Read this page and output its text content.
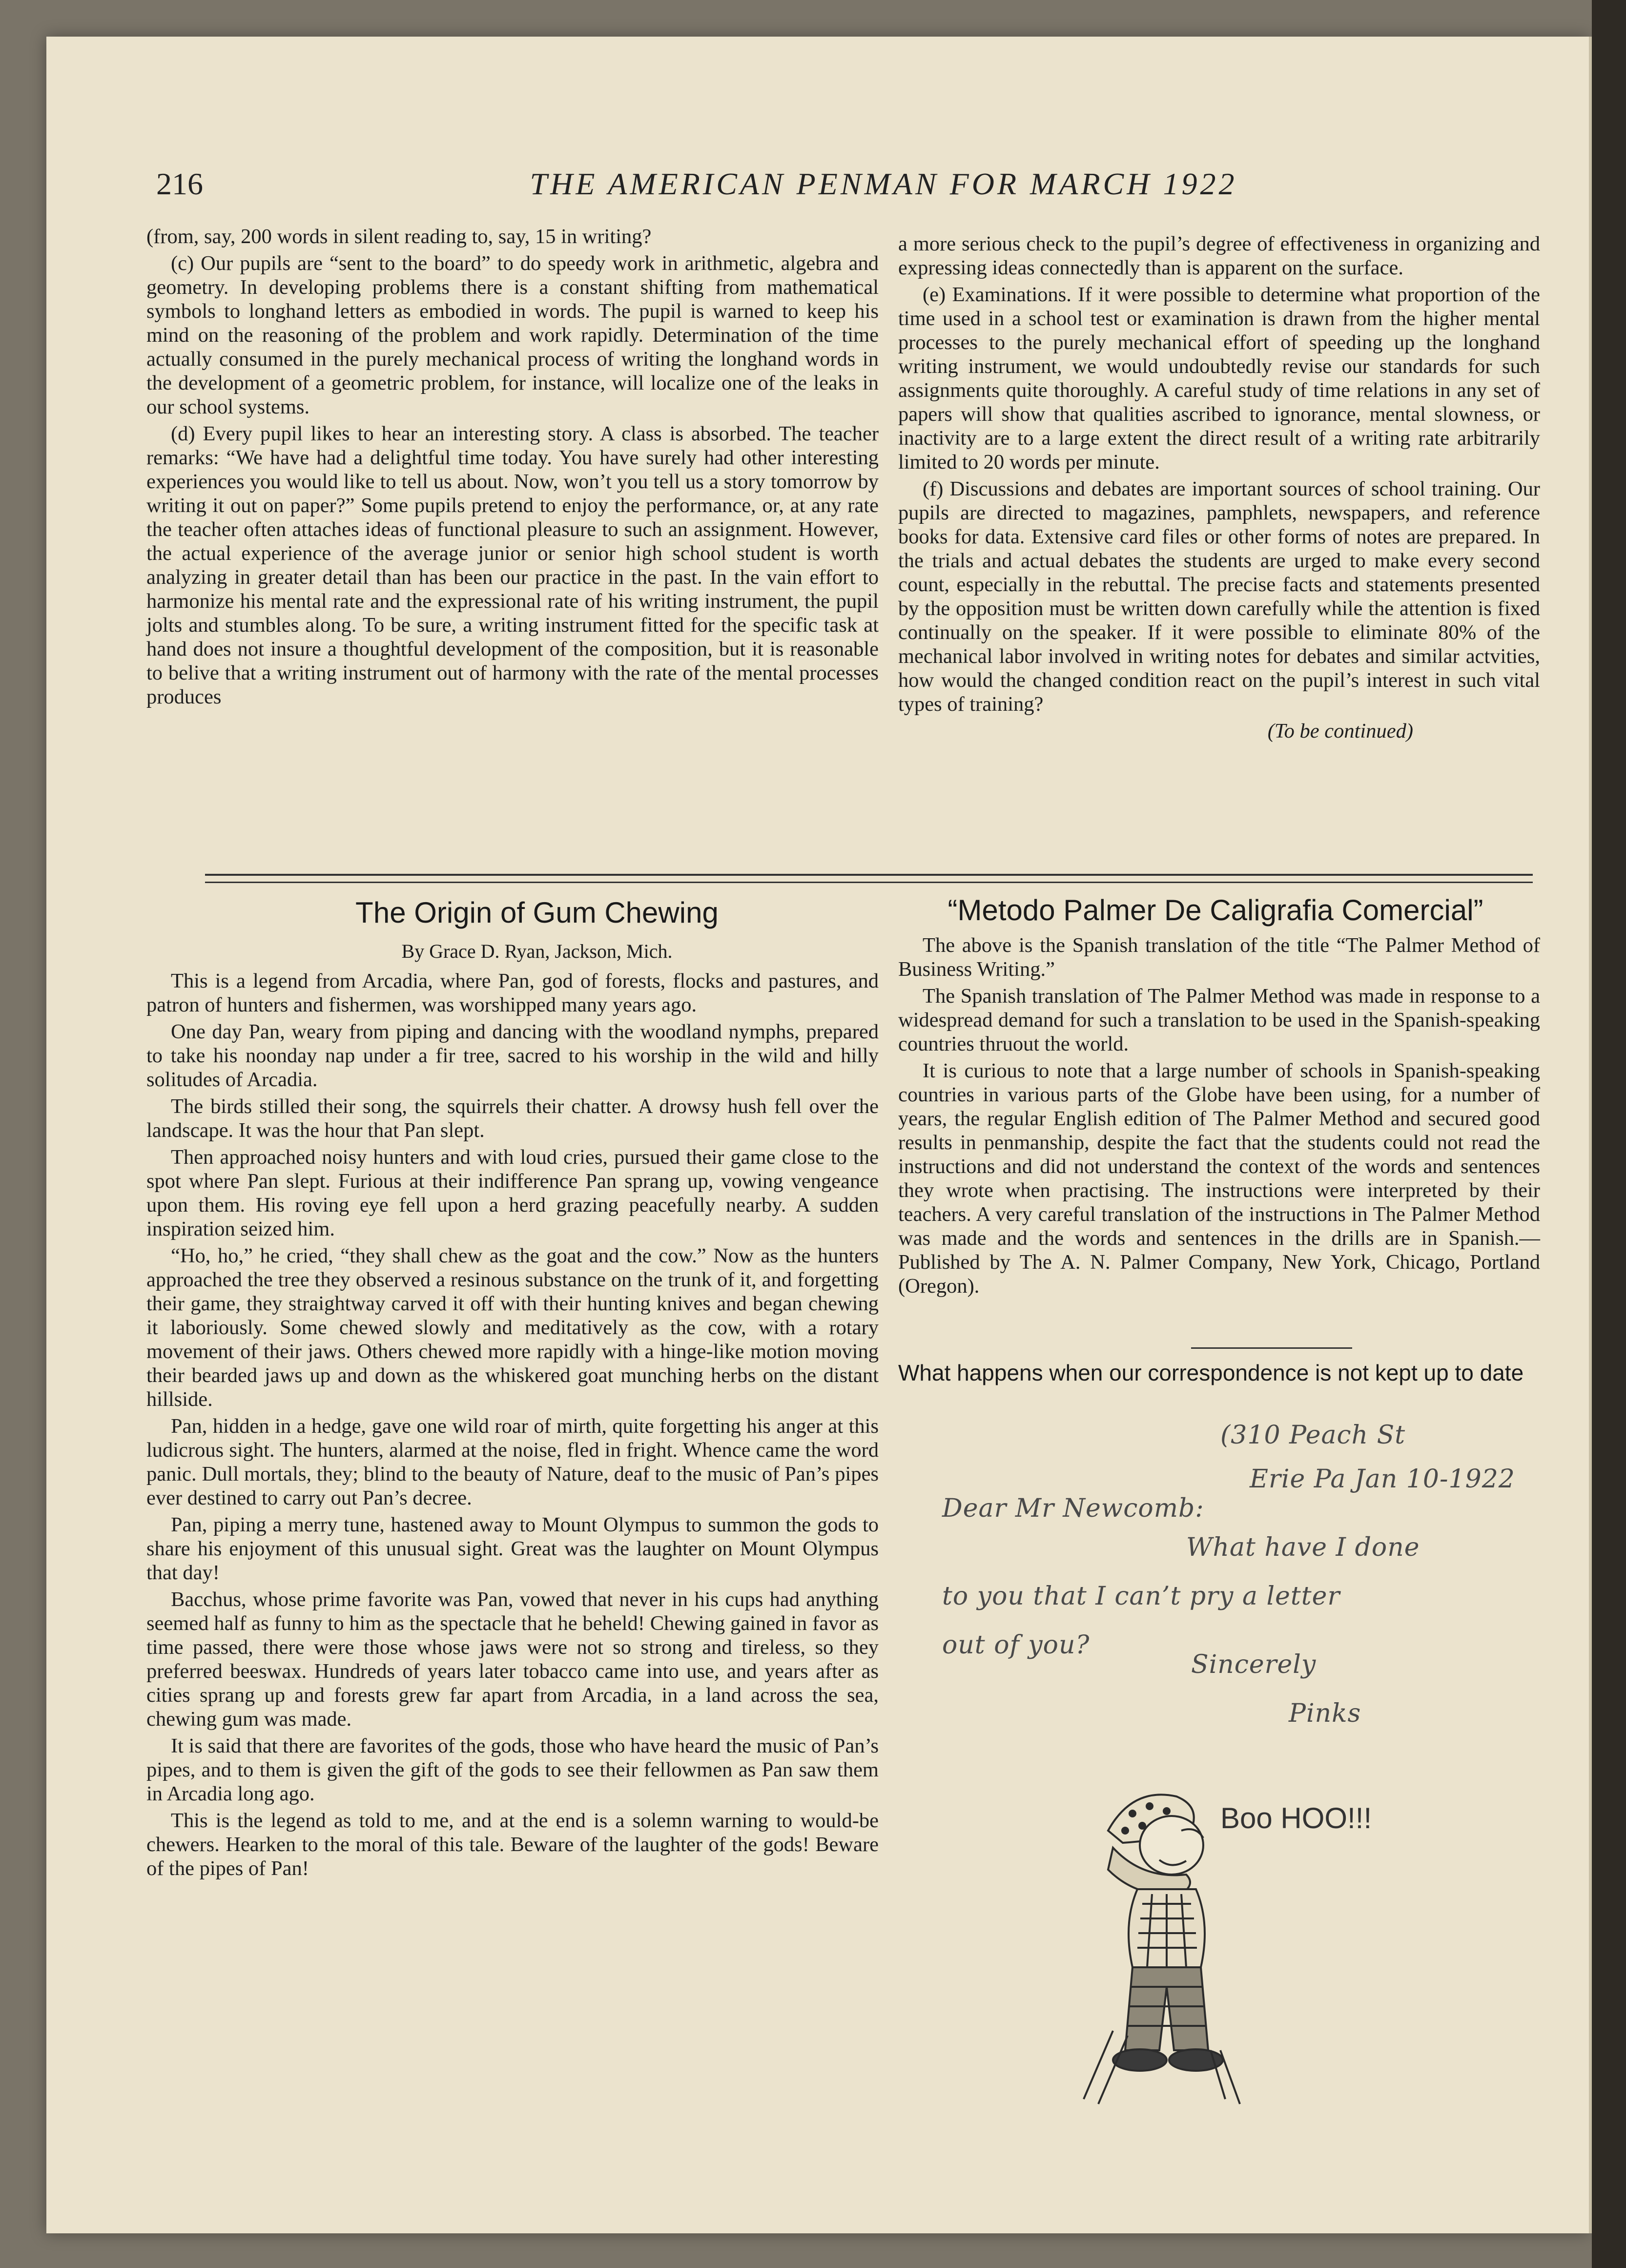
216	THE AMERICAN PENMAN FOR MARCH 1922

(from, say, 200 words in silent reading to, say, 15 in writing?

(c) Our pupils are “sent to the board” to do speedy work in arithmetic, algebra and geometry. In developing problems there is a constant shifting from mathematical symbols to longhand letters as embodied in words. The pupil is warned to keep his mind on the reasoning of the problem and work rapidly. Determination of the time actually consumed in the purely mechanical process of writing the longhand words in the development of a geometric problem, for instance, will localize one of the leaks in our school systems.

(d) Every pupil likes to hear an interesting story. A class is absorbed. The teacher remarks: “We have had a delightful time today. You have surely had other interesting experiences you would like to tell us about. Now, won’t you tell us a story tomorrow by writing it out on paper?” Some pupils pretend to enjoy the performance, or, at any rate the teacher often attaches ideas of functional pleasure to such an assignment. However, the actual experience of the average junior or senior high school student is worth analyzing in greater detail than has been our practice in the past. In the vain effort to harmonize his mental rate and the expressional rate of his writing instrument, the pupil jolts and stumbles along. To be sure, a writing instrument fitted for the specific task at hand does not insure a thoughtful development of the composition, but it is reasonable to belive that a writing instrument out of harmony with the rate of the mental processes produces

a more serious check to the pupil’s degree of effectiveness in organizing and expressing ideas connectedly than is apparent on the surface.

(e) Examinations. If it were possible to determine what proportion of the time used in a school test or examination is drawn from the higher mental processes to the purely mechanical effort of speeding up the longhand writing instrument, we would undoubtedly revise our standards for such assignments quite thoroughly. A careful study of time relations in any set of papers will show that qualities ascribed to ignorance, mental slowness, or inactivity are to a large extent the direct result of a writing rate arbitrarily limited to 20 words per minute.

(f) Discussions and debates are important sources of school training. Our pupils are directed to magazines, pamphlets, newspapers, and reference books for data. Extensive card files or other forms of notes are prepared. In the trials and actual debates the students are urged to make every second count, especially in the rebuttal. The precise facts and statements presented by the opposition must be written down carefully while the attention is fixed continually on the speaker. If it were possible to eliminate 80% of the mechanical labor involved in writing notes for debates and similar actvities, how would the changed condition react on the pupil’s interest in such vital types of training?

(To be continued)

The Origin of Gum Chewing
By Grace D. Ryan, Jackson, Mich.

This is a legend from Arcadia, where Pan, god of forests, flocks and pastures, and patron of hunters and fishermen, was worshipped many years ago.

One day Pan, weary from piping and dancing with the woodland nymphs, prepared to take his noonday nap under a fir tree, sacred to his worship in the wild and hilly solitudes of Arcadia.

The birds stilled their song, the squirrels their chatter. A drowsy hush fell over the landscape. It was the hour that Pan slept.

Then approached noisy hunters and with loud cries, pursued their game close to the spot where Pan slept. Furious at their indifference Pan sprang up, vowing vengeance upon them. His roving eye fell upon a herd grazing peacefully nearby. A sudden inspiration seized him.

“Ho, ho,” he cried, “they shall chew as the goat and the cow.” Now as the hunters approached the tree they observed a resinous substance on the trunk of it, and forgetting their game, they straightway carved it off with their hunting knives and began chewing it laboriously. Some chewed slowly and meditatively as the cow, with a rotary movement of their jaws. Others chewed more rapidly with a hinge-like motion moving their bearded jaws up and down as the whiskered goat munching herbs on the distant hillside.

Pan, hidden in a hedge, gave one wild roar of mirth, quite forgetting his anger at this ludicrous sight. The hunters, alarmed at the noise, fled in fright. Whence came the word panic. Dull mortals, they; blind to the beauty of Nature, deaf to the music of Pan’s pipes ever destined to carry out Pan’s decree.

Pan, piping a merry tune, hastened away to Mount Olympus to summon the gods to share his enjoyment of this unusual sight. Great was the laughter on Mount Olympus that day!

Bacchus, whose prime favorite was Pan, vowed that never in his cups had anything seemed half as funny to him as the spectacle that he beheld! Chewing gained in favor as time passed, there were those whose jaws were not so strong and tireless, so they preferred beeswax. Hundreds of years later tobacco came into use, and years after as cities sprang up and forests grew far apart from Arcadia, in a land across the sea, chewing gum was made.

It is said that there are favorites of the gods, those who have heard the music of Pan’s pipes, and to them is given the gift of the gods to see their fellowmen as Pan saw them in Arcadia long ago.

This is the legend as told to me, and at the end is a solemn warning to would-be chewers. Hearken to the moral of this tale. Beware of the laughter of the gods! Beware of the pipes of Pan!

“Metodo Palmer De Caligrafia Comercial”

The above is the Spanish translation of the title “The Palmer Method of Business Writing.”

The Spanish translation of The Palmer Method was made in response to a widespread demand for such a translation to be used in the Spanish-speaking countries thruout the world.

It is curious to note that a large number of schools in Spanish-speaking countries in various parts of the Globe have been using, for a number of years, the regular English edition of The Palmer Method and secured good results in penmanship, despite the fact that the students could not read the instructions and did not understand the context of the words and sentences they wrote when practising. The instructions were interpreted by their teachers. A very careful translation of the instructions in The Palmer Method was made and the words and sentences in the drills are in Spanish.—Published by The A. N. Palmer Company, New York, Chicago, Portland (Oregon).

What happens when our correspondence is not kept up to date
(310 Peach St
Erie Pa Jan 10-1922
Dear Mr Newcomb:
What have I done
to you that I can’t pry a letter
out of you?
Sincerely
Pinks
Boo HOO!!!
